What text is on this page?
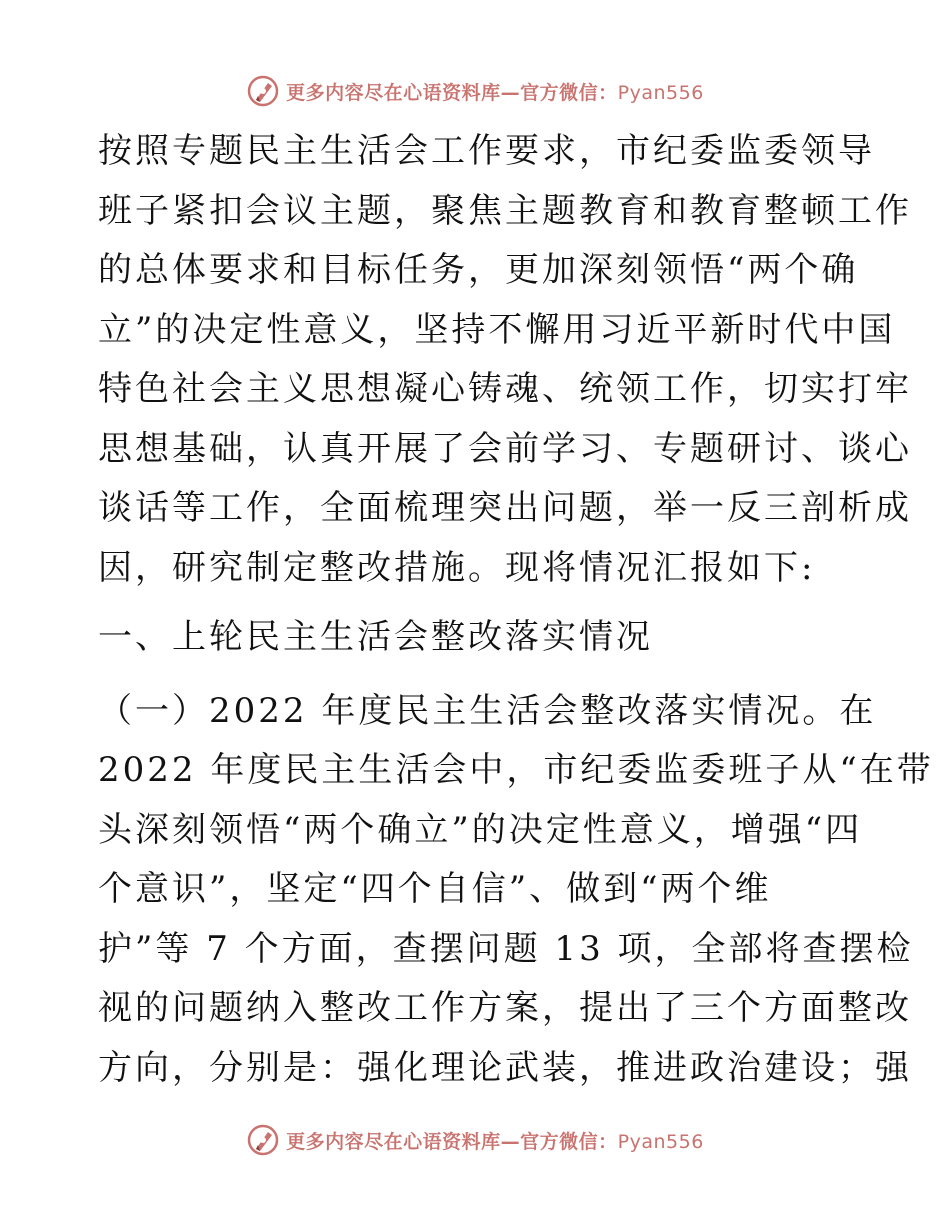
更多内容尽在心语资料库—官方微信：Pyan556
按照专题民主生活会工作要求，市纪委监委领导
班子紧扣会议主题，聚焦主题教育和教育整顿工作
的总体要求和目标任务，更加深刻领悟“两个确
立”的决定性意义，坚持不懈用习近平新时代中国
特色社会主义思想凝心铸魂、统领工作，切实打牢
思想基础，认真开展了会前学习、专题研讨、谈心
谈话等工作，全面梳理突出问题，举一反三剖析成
因，研究制定整改措施。现将情况汇报如下:
一、上轮民主生活会整改落实情况
（一）2022 年度民主生活会整改落实情况。在
2022 年度民主生活会中，市纪委监委班子从“在带
头深刻领悟“两个确立”的决定性意义，增强“四
个意识”，坚定“四个自信”、做到“两个维
护”等 7 个方面，查摆问题 13 项，全部将查摆检
视的问题纳入整改工作方案，提出了三个方面整改
方向，分别是：强化理论武装，推进政治建设；强
更多内容尽在心语资料库—官方微信：Pyan556
